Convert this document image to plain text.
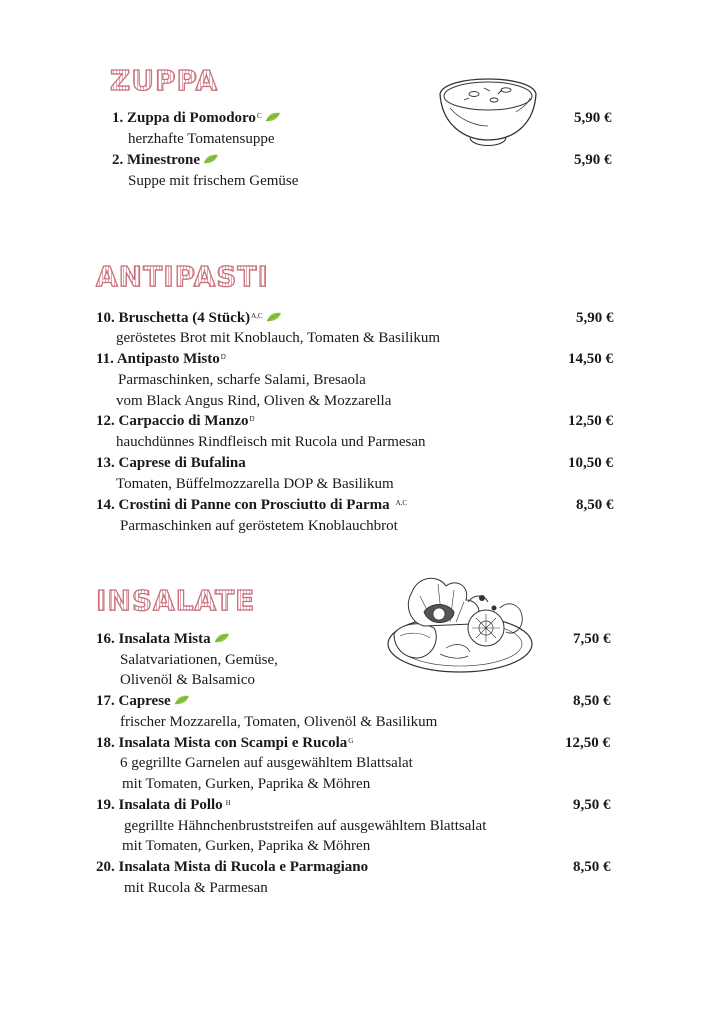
ZUPPA
1. Zuppa di Pomodoro$^C$	5,90 €
herzhafte Tomatensuppe
2. Minestrone	5,90 €
Suppe mit frischem Gemüse
ANTIPASTI
10. Bruschetta (4 Stück)$^{A,C}$	5,90 €
geröstetes Brot mit Knoblauch, Tomaten & Basilikum
11. Antipasto Misto$^D$	14,50 €
Parmaschinken, scharfe Salami, Bresaola
vom Black Angus Rind, Oliven & Mozzarella
12. Carpaccio di Manzo$^D$	12,50 €
hauchdünnes Rindfleisch mit Rucola und Parmesan
13. Caprese di Bufalina	10,50 €
Tomaten, Büffelmozzarella DOP & Basilikum
14. Crostini di Panne con Prosciutto di Parma $^{A,C}$	8,50 €
Parmaschinken auf geröstetem Knoblauchbrot
INSALATE
16. Insalata Mista	7,50 €
Salatvariationen, Gemüse,
Olivenöl & Balsamico
17. Caprese	8,50 €
frischer Mozzarella, Tomaten, Olivenöl & Basilikum
18. Insalata Mista con Scampi e Rucola$^G$	12,50 €
6 gegrillte Garnelen auf ausgewähltem Blattsalat
mit Tomaten, Gurken, Paprika & Möhren
19. Insalata di Pollo $^H$	9,50 €
gegrillte Hähnchenbruststreifen auf ausgewähltem Blattsalat
mit Tomaten, Gurken, Paprika & Möhren
20. Insalata Mista di Rucola e Parmagiano	8,50 €
mit Rucola & Parmesan
